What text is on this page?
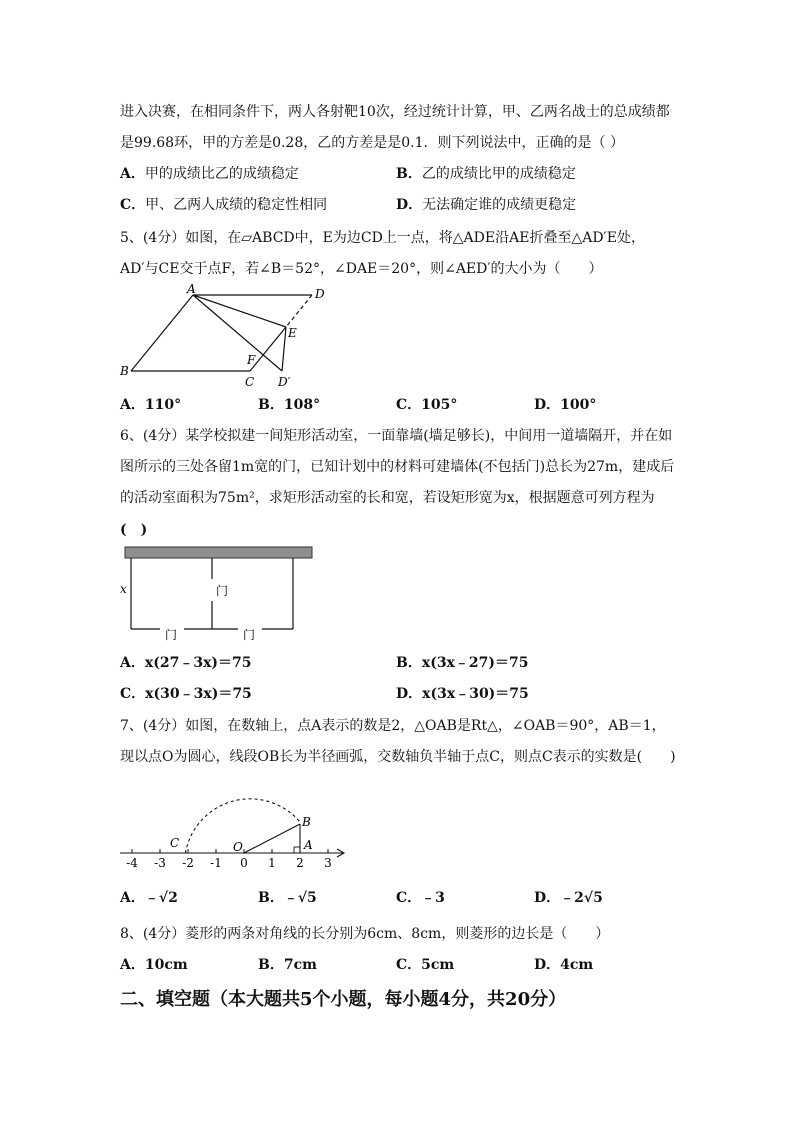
进入决赛，在相同条件下，两人各射靶10次，经过统计计算，甲、乙两名战士的总成绩都
是99.68环，甲的方差是0.28，乙的方差是是0.1．则下列说法中，正确的是（ ）
A．甲的成绩比乙的成绩稳定	B．乙的成绩比甲的成绩稳定
C．甲、乙两人成绩的稳定性相同	D．无法确定谁的成绩更稳定
5、(4分）如图，在▱ABCD中，E为边CD上一点，将△ADE沿AE折叠至△AD′E处，
AD′与CE交于点F，若∠B＝52°，∠DAE＝20°，则∠AED′的大小为（　　）
A	D
E
B
F
C D′
A．110°	B．108°	C．105°	D．100°
6、(4分）某学校拟建一间矩形活动室，一面靠墙(墙足够长)，中间用一道墙隔开，并在如
图所示的三处各留1m宽的门，已知计划中的材料可建墙体(不包括门)总长为27m，建成后
的活动室面积为75m²，求矩形活动室的长和宽，若设矩形宽为x，根据题意可列方程为
(　)
x	门
门	门
A．x(27﹣3x)＝75	B．x(3x﹣27)＝75
C．x(30﹣3x)＝75	D．x(3x﹣30)＝75
7、(4分）如图，在数轴上，点A表示的数是2，△OAB是Rt△，∠OAB＝90°，AB＝1，
现以点O为圆心，线段OB长为半径画弧，交数轴负半轴于点C，则点C表示的实数是(　　)
-4 -3 -2 -1 0 1 2 3
C	O
B
A
A．﹣√2	B．﹣√5	C．﹣3	D．﹣2√5
8、(4分）菱形的两条对角线的长分别为6cm、8cm，则菱形的边长是（　　）
A．10cm	B．7cm	C．5cm	D．4cm
二、填空题（本大题共5个小题，每小题4分，共20分）
